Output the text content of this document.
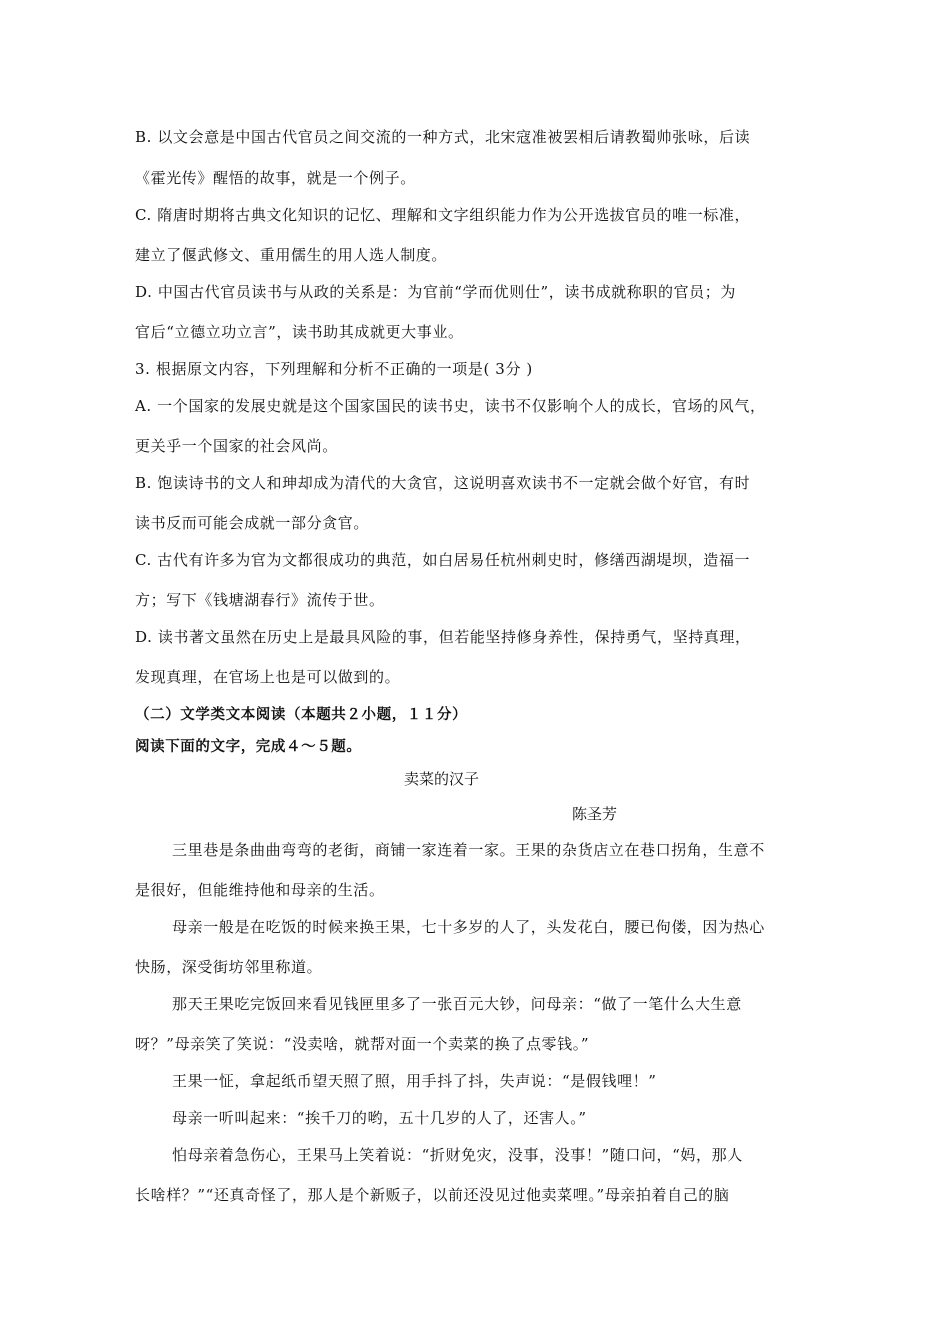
B. 以文会意是中国古代官员之间交流的一种方式，北宋寇准被罢相后请教蜀帅张咏，后读
《霍光传》醒悟的故事，就是一个例子。
C. 隋唐时期将古典文化知识的记忆、理解和文字组织能力作为公开选拔官员的唯一标准，
建立了偃武修文、重用儒生的用人选人制度。
D. 中国古代官员读书与从政的关系是：为官前“学而优则仕”，读书成就称职的官员；为
官后“立德立功立言”，读书助其成就更大事业。
3. 根据原文内容，下列理解和分析不正确的一项是( 3分 )
A. 一个国家的发展史就是这个国家国民的读书史，读书不仅影响个人的成长，官场的风气，
更关乎一个国家的社会风尚。
B. 饱读诗书的文人和珅却成为清代的大贪官，这说明喜欢读书不一定就会做个好官，有时
读书反而可能会成就一部分贪官。
C. 古代有许多为官为文都很成功的典范，如白居易任杭州刺史时，修缮西湖堤坝，造福一
方；写下《钱塘湖春行》流传于世。
D. 读书著文虽然在历史上是最具风险的事，但若能坚持修身养性，保持勇气，坚持真理，
发现真理，在官场上也是可以做到的。
（二）文学类文本阅读（本题共２小题，１１分）
阅读下面的文字，完成４～５题。
卖菜的汉子
陈圣芳
三里巷是条曲曲弯弯的老街，商铺一家连着一家。王果的杂货店立在巷口拐角，生意不
是很好，但能维持他和母亲的生活。
母亲一般是在吃饭的时候来换王果，七十多岁的人了，头发花白，腰已佝偻，因为热心
快肠，深受街坊邻里称道。
那天王果吃完饭回来看见钱匣里多了一张百元大钞，问母亲：“做了一笔什么大生意
呀？”母亲笑了笑说：“没卖啥，就帮对面一个卖菜的换了点零钱。”
王果一怔，拿起纸币望天照了照，用手抖了抖，失声说：“是假钱哩！”
母亲一听叫起来：“挨千刀的哟，五十几岁的人了，还害人。”
怕母亲着急伤心，王果马上笑着说：“折财免灾，没事，没事！”随口问，“妈，那人
长啥样？”“还真奇怪了，那人是个新贩子，以前还没见过他卖菜哩。”母亲拍着自己的脑
